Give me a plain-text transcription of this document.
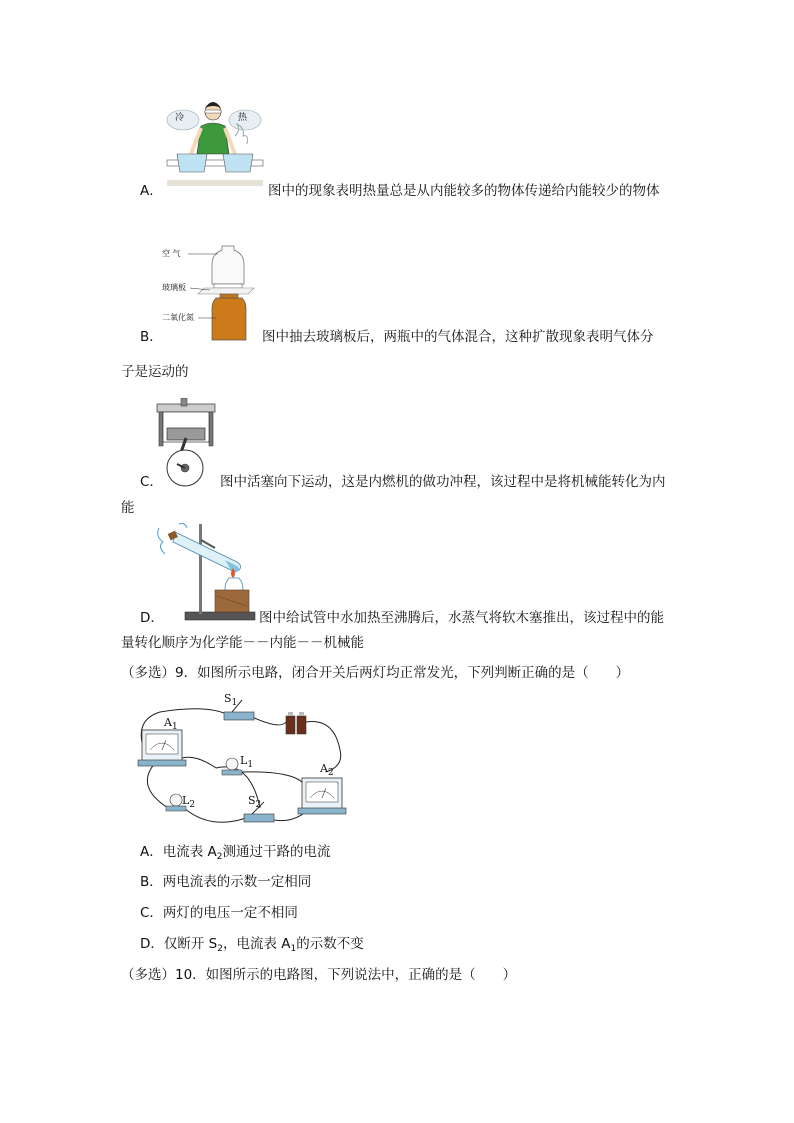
冷	热
A．	图中的现象表明热量总是从内能较多的物体传递给内能较少的物体
空 气
玻璃板
二氧化氮
B．	图中抽去玻璃板后，两瓶中的气体混合，这种扩散现象表明气体分
子是运动的
C．	图中活塞向下运动，这是内燃机的做功冲程，该过程中是将机械能转化为内
能
D．	图中给试管中水加热至沸腾后，水蒸气将软木塞推出，该过程中的能
量转化顺序为化学能－－内能－－机械能
（多选）9．如图所示电路，闭合开关后两灯均正常发光，下列判断正确的是（　　）
$A_1$
$S_1$
$L_1$	$A_2$
$L_2$	$S_2$
A．电流表 $A_2$测通过干路的电流
B．两电流表的示数一定相同
C．两灯的电压一定不相同
D．仅断开 $S_2$，电流表 $A_1$的示数不变
（多选）10．如图所示的电路图，下列说法中，正确的是（　　）
